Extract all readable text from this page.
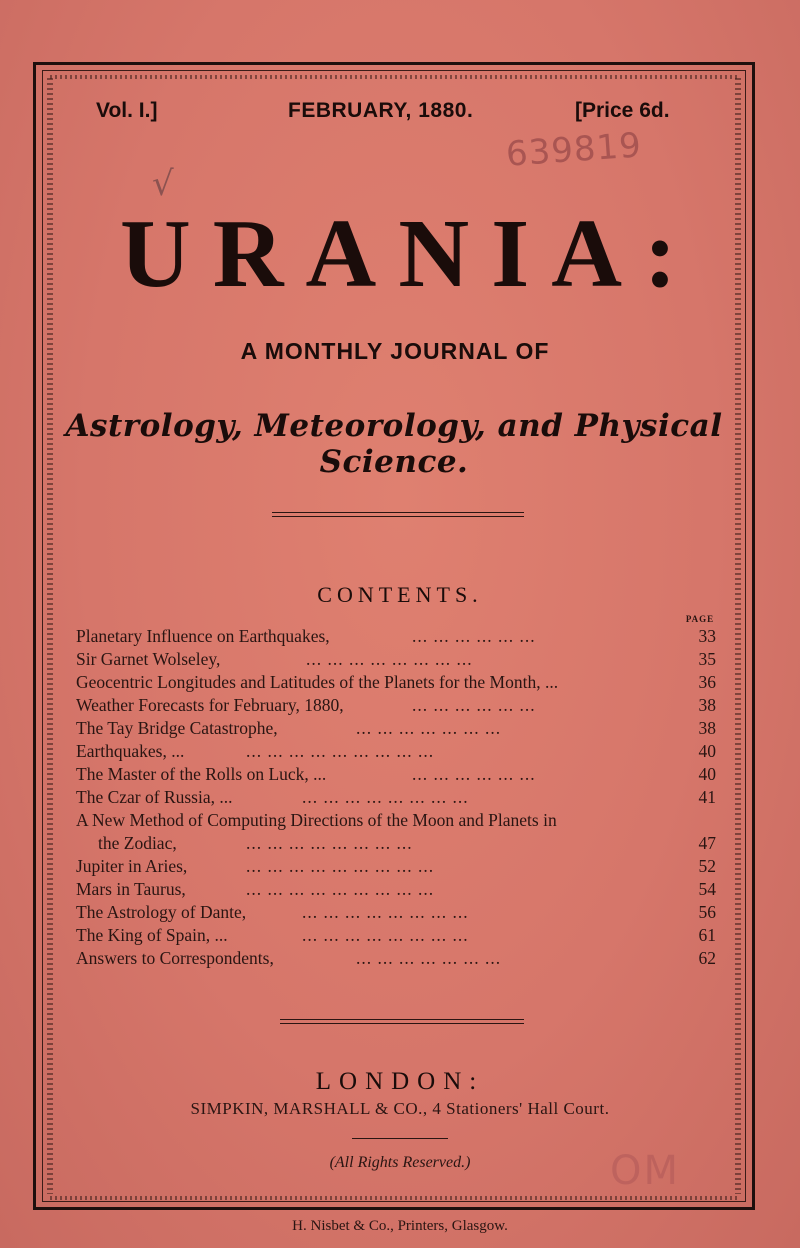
Vol. I.]	FEBRUARY, 1880.	[Price 6d.
639819
√
URANIA:
A MONTHLY JOURNAL OF
Astrology, Meteorology, and Physical Science.
CONTENTS.
PAGE
Planetary Influence on Earthquakes,	... ... ... ... ... ...	33
Sir Garnet Wolseley,	... ... ... ... ... ... ... ...	35
Geocentric Longitudes and Latitudes of the Planets for the Month, ...	36
Weather Forecasts for February, 1880,	... ... ... ... ... ...	38
The Tay Bridge Catastrophe,	... ... ... ... ... ... ...	38
Earthquakes, ...	... ... ... ... ... ... ... ... ...	40
The Master of the Rolls on Luck, ...	... ... ... ... ... ...	40
The Czar of Russia, ...	... ... ... ... ... ... ... ...	41
A New Method of Computing Directions of the Moon and Planets in
the Zodiac,	... ... ... ... ... ... ... ...	47
Jupiter in Aries,	... ... ... ... ... ... ... ... ...	52
Mars in Taurus,	... ... ... ... ... ... ... ... ...	54
The Astrology of Dante,	... ... ... ... ... ... ... ...	56
The King of Spain, ...	... ... ... ... ... ... ... ...	61
Answers to Correspondents,	... ... ... ... ... ... ...	62
LONDON:
SIMPKIN, MARSHALL & CO., 4 Stationers' Hall Court.
(All Rights Reserved.)	OM
H. Nisbet & Co., Printers, Glasgow.
